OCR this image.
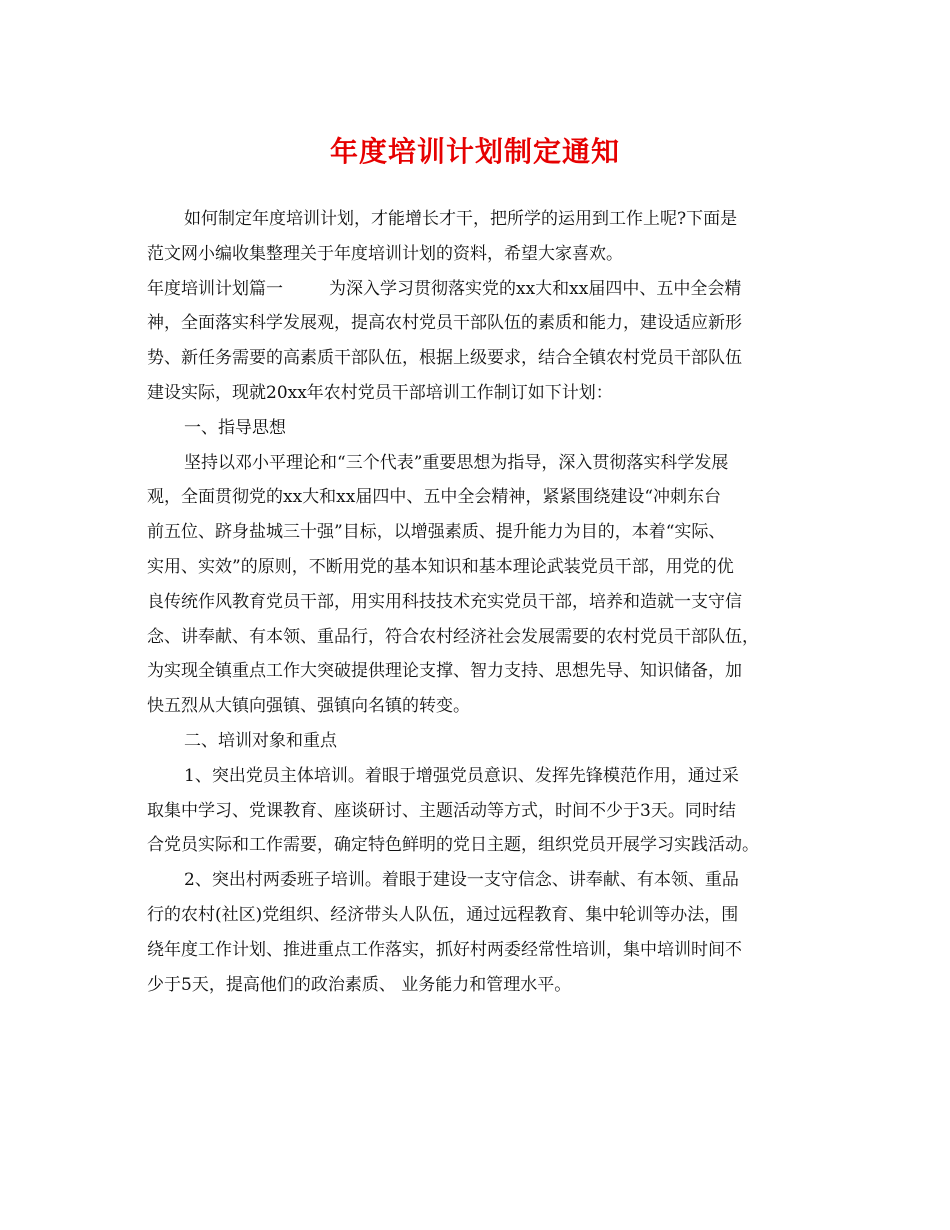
年度培训计划制定通知
如何制定年度培训计划，才能增长才干，把所学的运用到工作上呢?下面是
范文网小编收集整理关于年度培训计划的资料，希望大家喜欢。
年度培训计划篇一	为深入学习贯彻落实党的xx大和xx届四中、五中全会精
神，全面落实科学发展观，提高农村党员干部队伍的素质和能力，建设适应新形
势、新任务需要的高素质干部队伍，根据上级要求，结合全镇农村党员干部队伍
建设实际，现就20xx年农村党员干部培训工作制订如下计划：
一、指导思想
坚持以邓小平理论和“三个代表”重要思想为指导，深入贯彻落实科学发展
观，全面贯彻党的xx大和xx届四中、五中全会精神，紧紧围绕建设“冲刺东台
前五位、跻身盐城三十强”目标，以增强素质、提升能力为目的，本着“实际、
实用、实效”的原则，不断用党的基本知识和基本理论武装党员干部，用党的优
良传统作风教育党员干部，用实用科技技术充实党员干部，培养和造就一支守信
念、讲奉献、有本领、重品行，符合农村经济社会发展需要的农村党员干部队伍，
为实现全镇重点工作大突破提供理论支撑、智力支持、思想先导、知识储备，加
快五烈从大镇向强镇、强镇向名镇的转变。
二、培训对象和重点
1、突出党员主体培训。着眼于增强党员意识、发挥先锋模范作用，通过采
取集中学习、党课教育、座谈研讨、主题活动等方式，时间不少于3天。同时结
合党员实际和工作需要，确定特色鲜明的党日主题，组织党员开展学习实践活动。
2、突出村两委班子培训。着眼于建设一支守信念、讲奉献、有本领、重品
行的农村(社区)党组织、经济带头人队伍，通过远程教育、集中轮训等办法，围
绕年度工作计划、推进重点工作落实，抓好村两委经常性培训，集中培训时间不
少于5天，提高他们的政治素质、 业务能力和管理水平。
